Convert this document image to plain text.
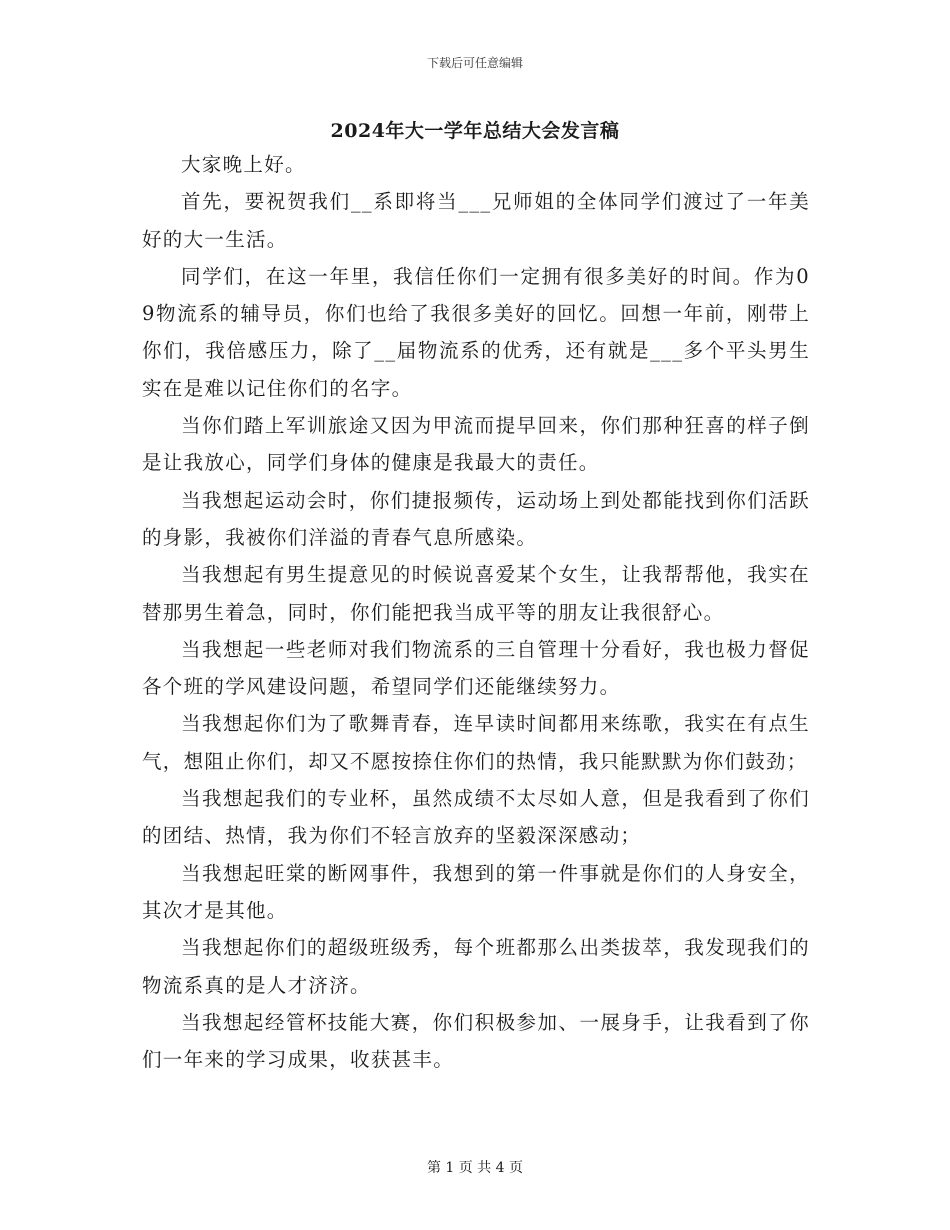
下载后可任意编辑
2024年大一学年总结大会发言稿

大家晚上好。

首先，要祝贺我们__系即将当___兄师姐的全体同学们渡过了一年美好的大一生活。

同学们，在这一年里，我信任你们一定拥有很多美好的时间。作为09物流系的辅导员，你们也给了我很多美好的回忆。回想一年前，刚带上你们，我倍感压力，除了__届物流系的优秀，还有就是___多个平头男生实在是难以记住你们的名字。

当你们踏上军训旅途又因为甲流而提早回来，你们那种狂喜的样子倒是让我放心，同学们身体的健康是我最大的责任。

当我想起运动会时，你们捷报频传，运动场上到处都能找到你们活跃的身影，我被你们洋溢的青春气息所感染。

当我想起有男生提意见的时候说喜爱某个女生，让我帮帮他，我实在替那男生着急，同时，你们能把我当成平等的朋友让我很舒心。

当我想起一些老师对我们物流系的三自管理十分看好，我也极力督促各个班的学风建设问题，希望同学们还能继续努力。

当我想起你们为了歌舞青春，连早读时间都用来练歌，我实在有点生气，想阻止你们，却又不愿按捺住你们的热情，我只能默默为你们鼓劲；

当我想起我们的专业杯，虽然成绩不太尽如人意，但是我看到了你们的团结、热情，我为你们不轻言放弃的坚毅深深感动；

当我想起旺棠的断网事件，我想到的第一件事就是你们的人身安全，其次才是其他。

当我想起你们的超级班级秀，每个班都那么出类拔萃，我发现我们的物流系真的是人才济济。

当我想起经管杯技能大赛，你们积极参加、一展身手，让我看到了你们一年来的学习成果，收获甚丰。

第 1 页 共 4 页
